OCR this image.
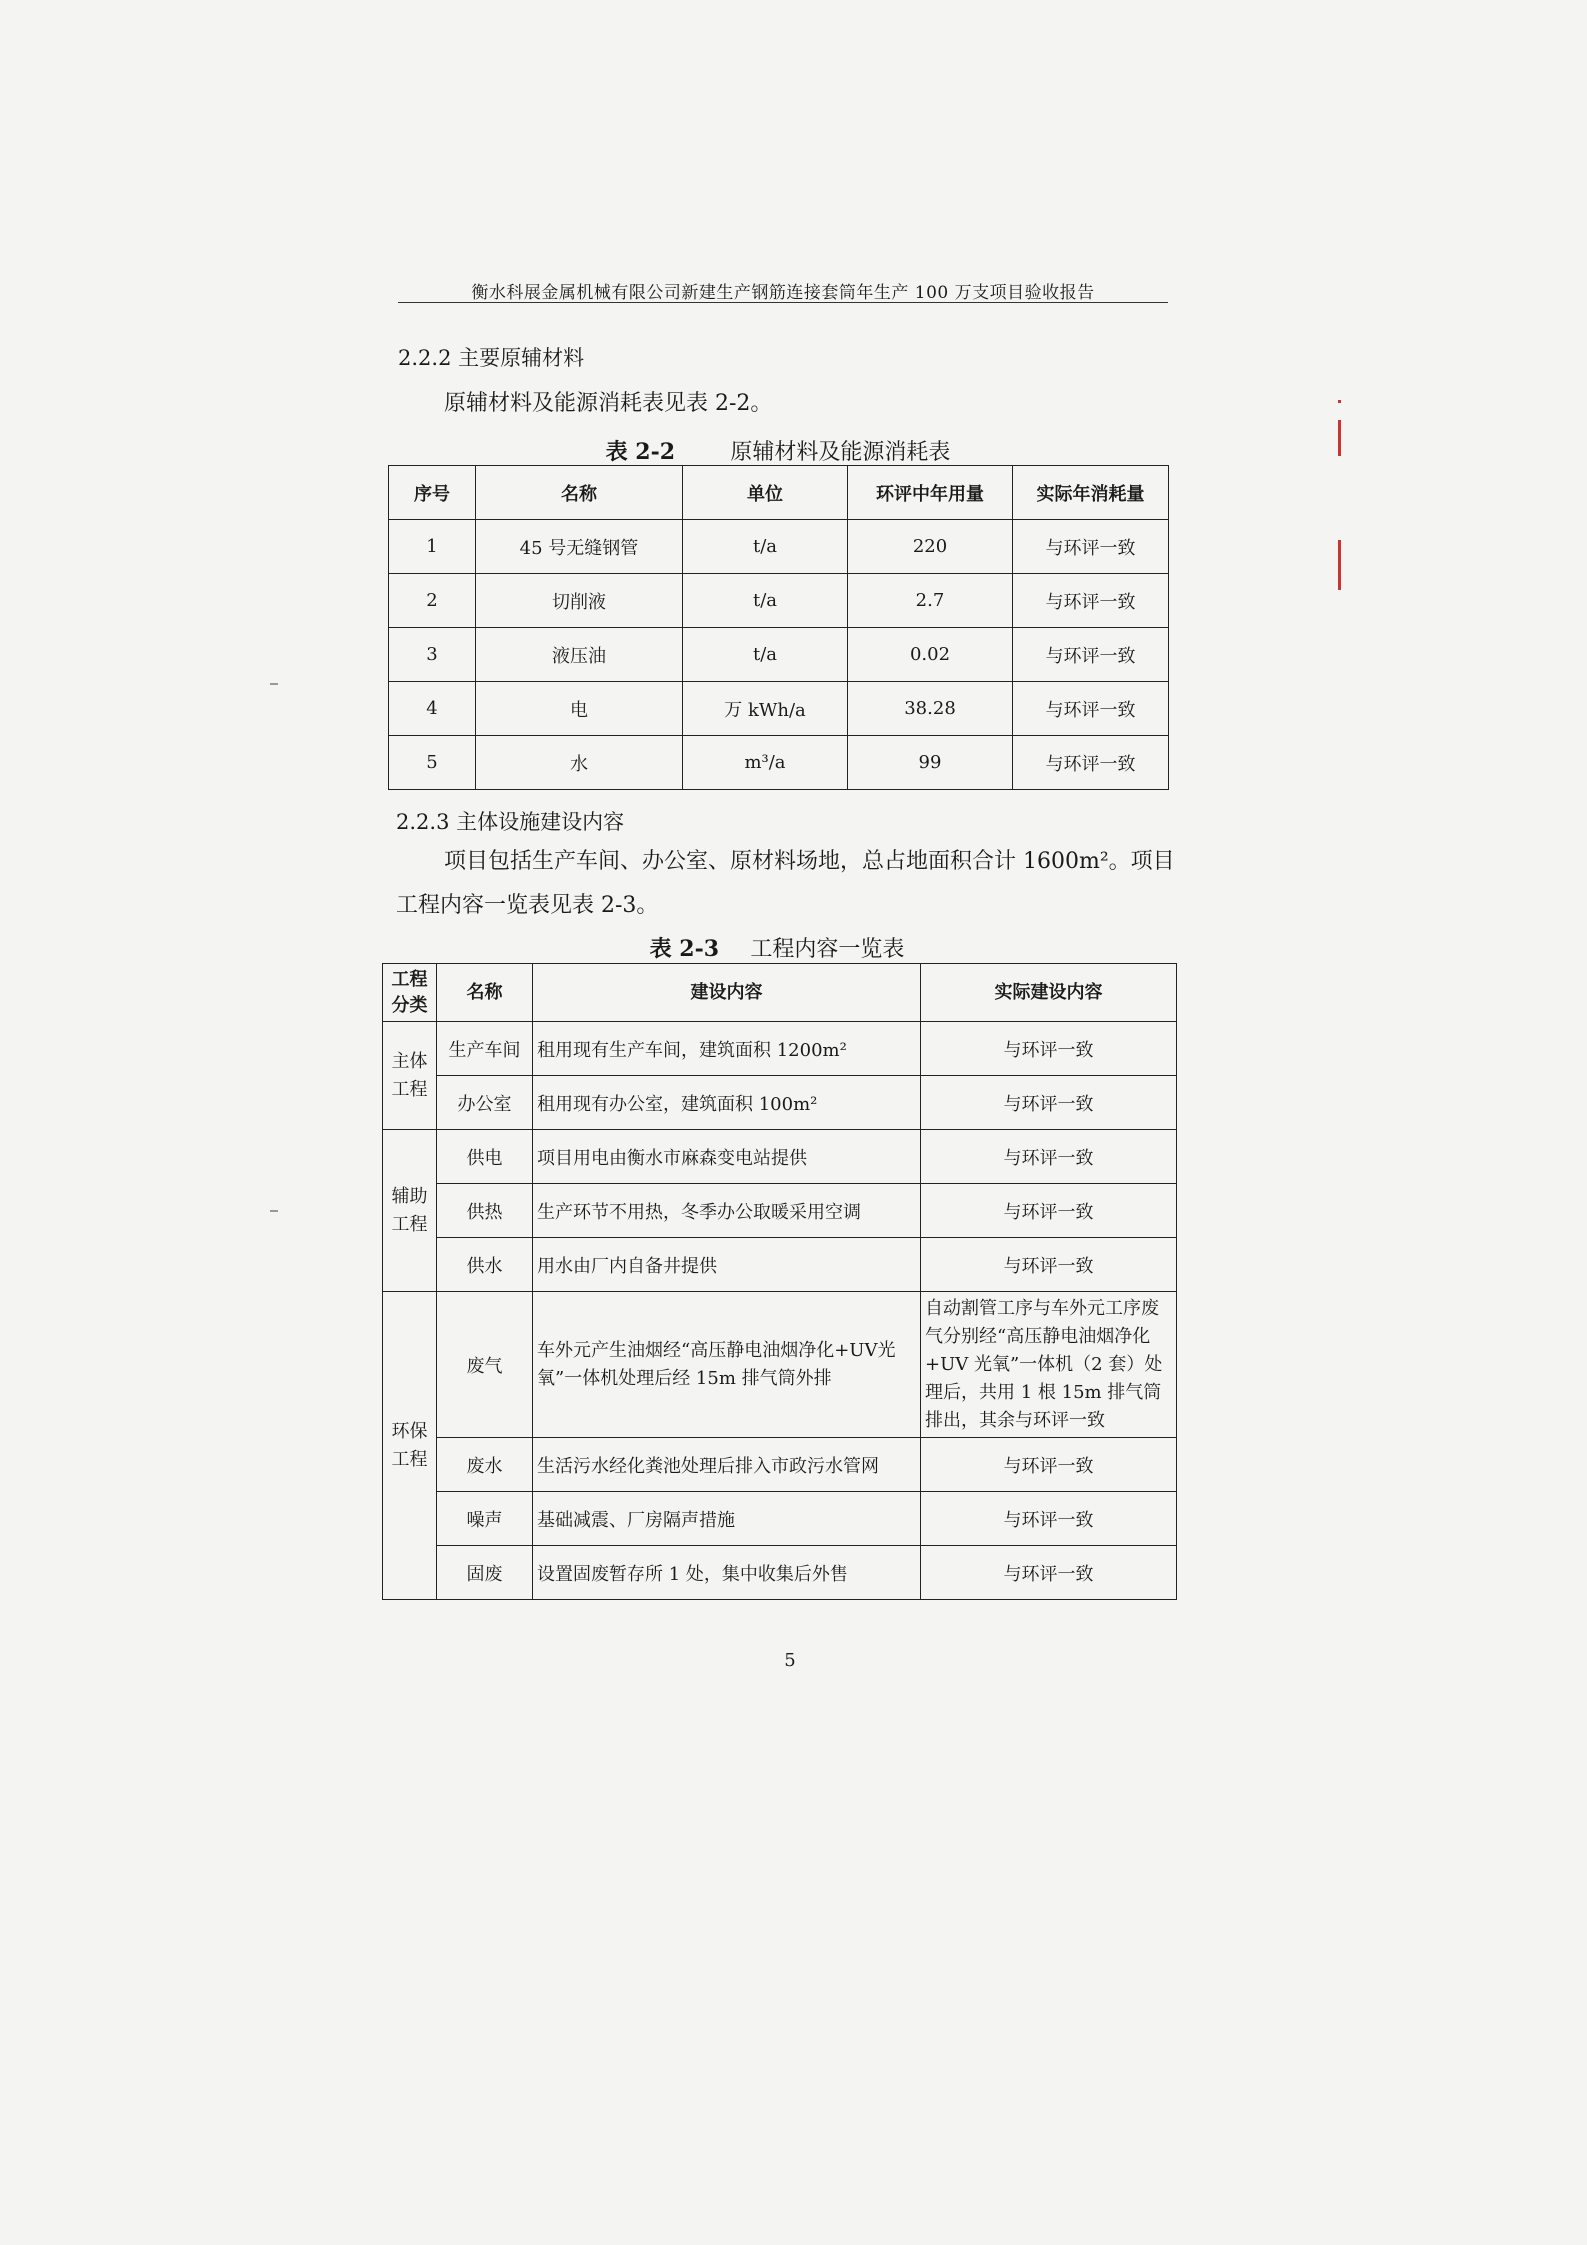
衡水科展金属机械有限公司新建生产钢筋连接套筒年生产 100 万支项目验收报告
2.2.2 主要原辅材料
原辅材料及能源消耗表见表 2-2。
表 2-2	原辅材料及能源消耗表
序号	名称	单位	环评中年用量	实际年消耗量
1	45 号无缝钢管	t/a	220	与环评一致
2	切削液	t/a	2.7	与环评一致
3	液压油	t/a	0.02	与环评一致
4	电	万 kWh/a	38.28	与环评一致
5	水	m³/a	99	与环评一致
2.2.3 主体设施建设内容
项目包括生产车间、办公室、原材料场地，总占地面积合计 1600m²。项目
工程内容一览表见表 2-3。
表 2-3 工程内容一览表
工程分类	名称	建设内容	实际建设内容
主体工程	生产车间	租用现有生产车间，建筑面积 1200m²	与环评一致
	办公室	租用现有办公室，建筑面积 100m²	与环评一致
辅助工程	供电	项目用电由衡水市麻森变电站提供	与环评一致
	供热	生产环节不用热，冬季办公取暖采用空调	与环评一致
	供水	用水由厂内自备井提供	与环评一致
环保工程	废气	车外元产生油烟经“高压静电油烟净化+UV光氧”一体机处理后经 15m 排气筒外排	自动割管工序与车外元工序废气分别经“高压静电油烟净化+UV 光氧”一体机（2 套）处理后，共用 1 根 15m 排气筒排出，其余与环评一致
	废水	生活污水经化粪池处理后排入市政污水管网	与环评一致
	噪声	基础减震、厂房隔声措施	与环评一致
	固废	设置固废暂存所 1 处，集中收集后外售	与环评一致
5
